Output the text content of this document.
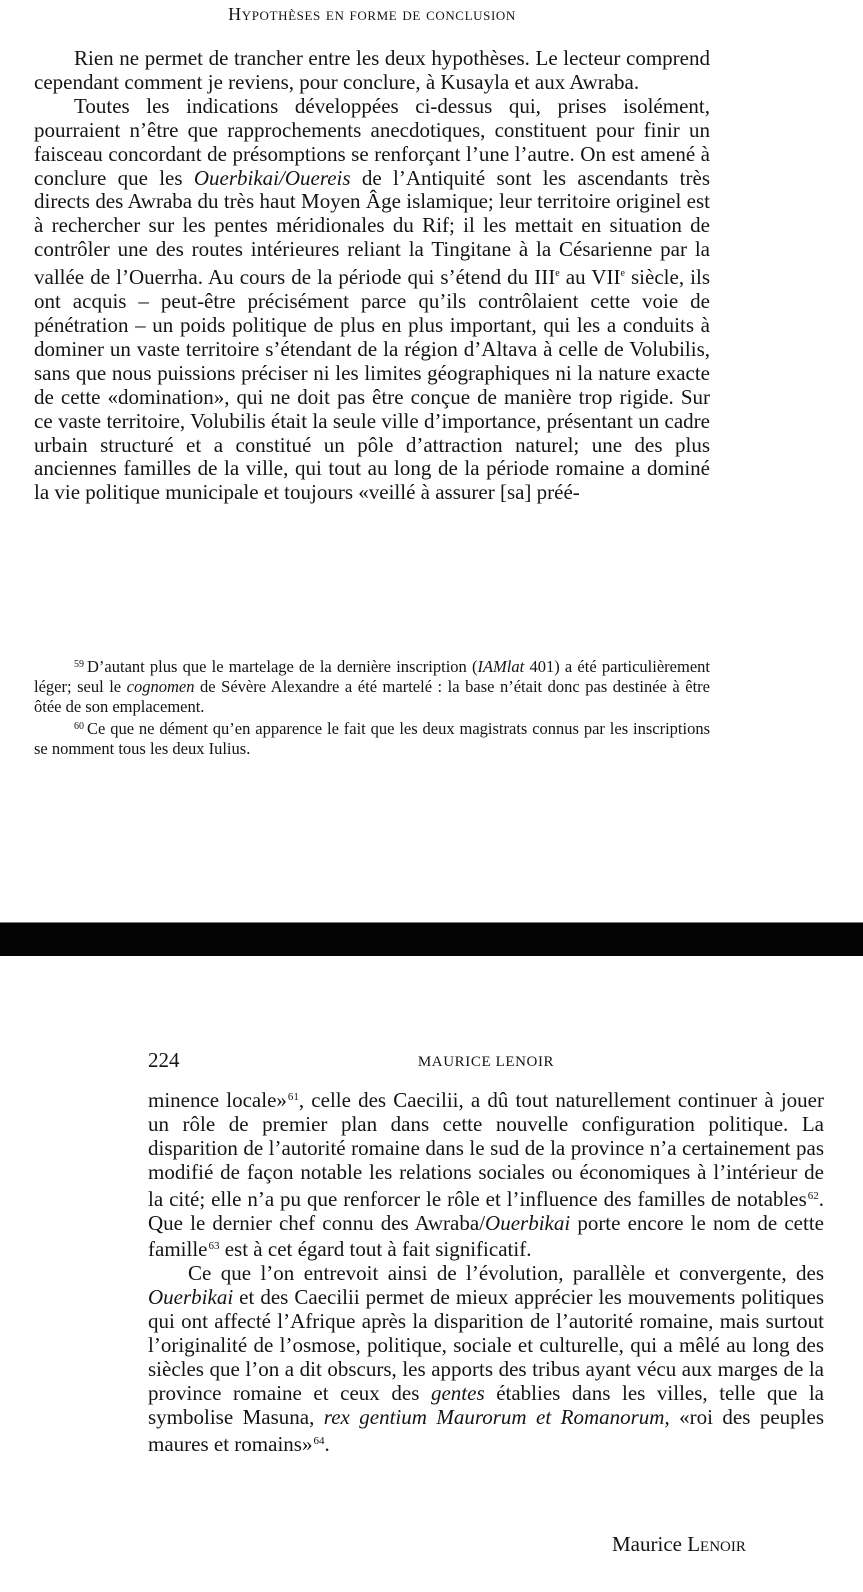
Hypothèses en forme de conclusion

Rien ne permet de trancher entre les deux hypothèses. Le lecteur comprend cependant comment je reviens, pour conclure, à Kusayla et aux Awraba.

Toutes les indications développées ci-dessus qui, prises isolément, pourraient n’être que rapprochements anecdotiques, constituent pour finir un faisceau concordant de présomptions se renforçant l’une l’autre. On est amené à conclure que les Ouerbikai/Ouereis de l’Antiquité sont les ascendants très directs des Awraba du très haut Moyen Âge islamique; leur territoire originel est à rechercher sur les pentes méridionales du Rif; il les mettait en situation de contrôler une des routes intérieures reliant la Tingitane à la Césarienne par la vallée de l’Ouerrha. Au cours de la période qui s’étend du IIIe au VIIe siècle, ils ont acquis – peut-être précisément parce qu’ils contrôlaient cette voie de pénétration – un poids politique de plus en plus important, qui les a conduits à dominer un vaste territoire s’étendant de la région d’Altava à celle de Volubilis, sans que nous puissions préciser ni les limites géographiques ni la nature exacte de cette «domination», qui ne doit pas être conçue de manière trop rigide. Sur ce vaste territoire, Volubilis était la seule ville d’importance, présentant un cadre urbain structuré et a constitué un pôle d’attraction naturel; une des plus anciennes familles de la ville, qui tout au long de la période romaine a dominé la vie politique municipale et toujours «veillé à assurer [sa] préé-

$^{59}$ D’autant plus que le martelage de la dernière inscription (IAMlat 401) a été particulièrement léger; seul le cognomen de Sévère Alexandre a été martelé : la base n’était donc pas destinée à être ôtée de son emplacement.

$^{60}$ Ce que ne dément qu’en apparence le fait que les deux magistrats connus par les inscriptions se nomment tous les deux Iulius.

224	MAURICE LENOIR

minence locale»$^{61}$, celle des Caecilii, a dû tout naturellement continuer à jouer un rôle de premier plan dans cette nouvelle configuration politique. La disparition de l’autorité romaine dans le sud de la province n’a certainement pas modifié de façon notable les relations sociales ou économiques à l’intérieur de la cité; elle n’a pu que renforcer le rôle et l’influence des familles de notables$^{62}$. Que le dernier chef connu des Awraba/Ouerbikai porte encore le nom de cette famille$^{63}$ est à cet égard tout à fait significatif.

Ce que l’on entrevoit ainsi de l’évolution, parallèle et convergente, des Ouerbikai et des Caecilii permet de mieux apprécier les mouvements politiques qui ont affecté l’Afrique après la disparition de l’autorité romaine, mais surtout l’originalité de l’osmose, politique, sociale et culturelle, qui a mêlé au long des siècles que l’on a dit obscurs, les apports des tribus ayant vécu aux marges de la province romaine et ceux des gentes établies dans les villes, telle que la symbolise Masuna, rex gentium Maurorum et Romanorum, «roi des peuples maures et romains»$^{64}$.

Maurice Lenoir
